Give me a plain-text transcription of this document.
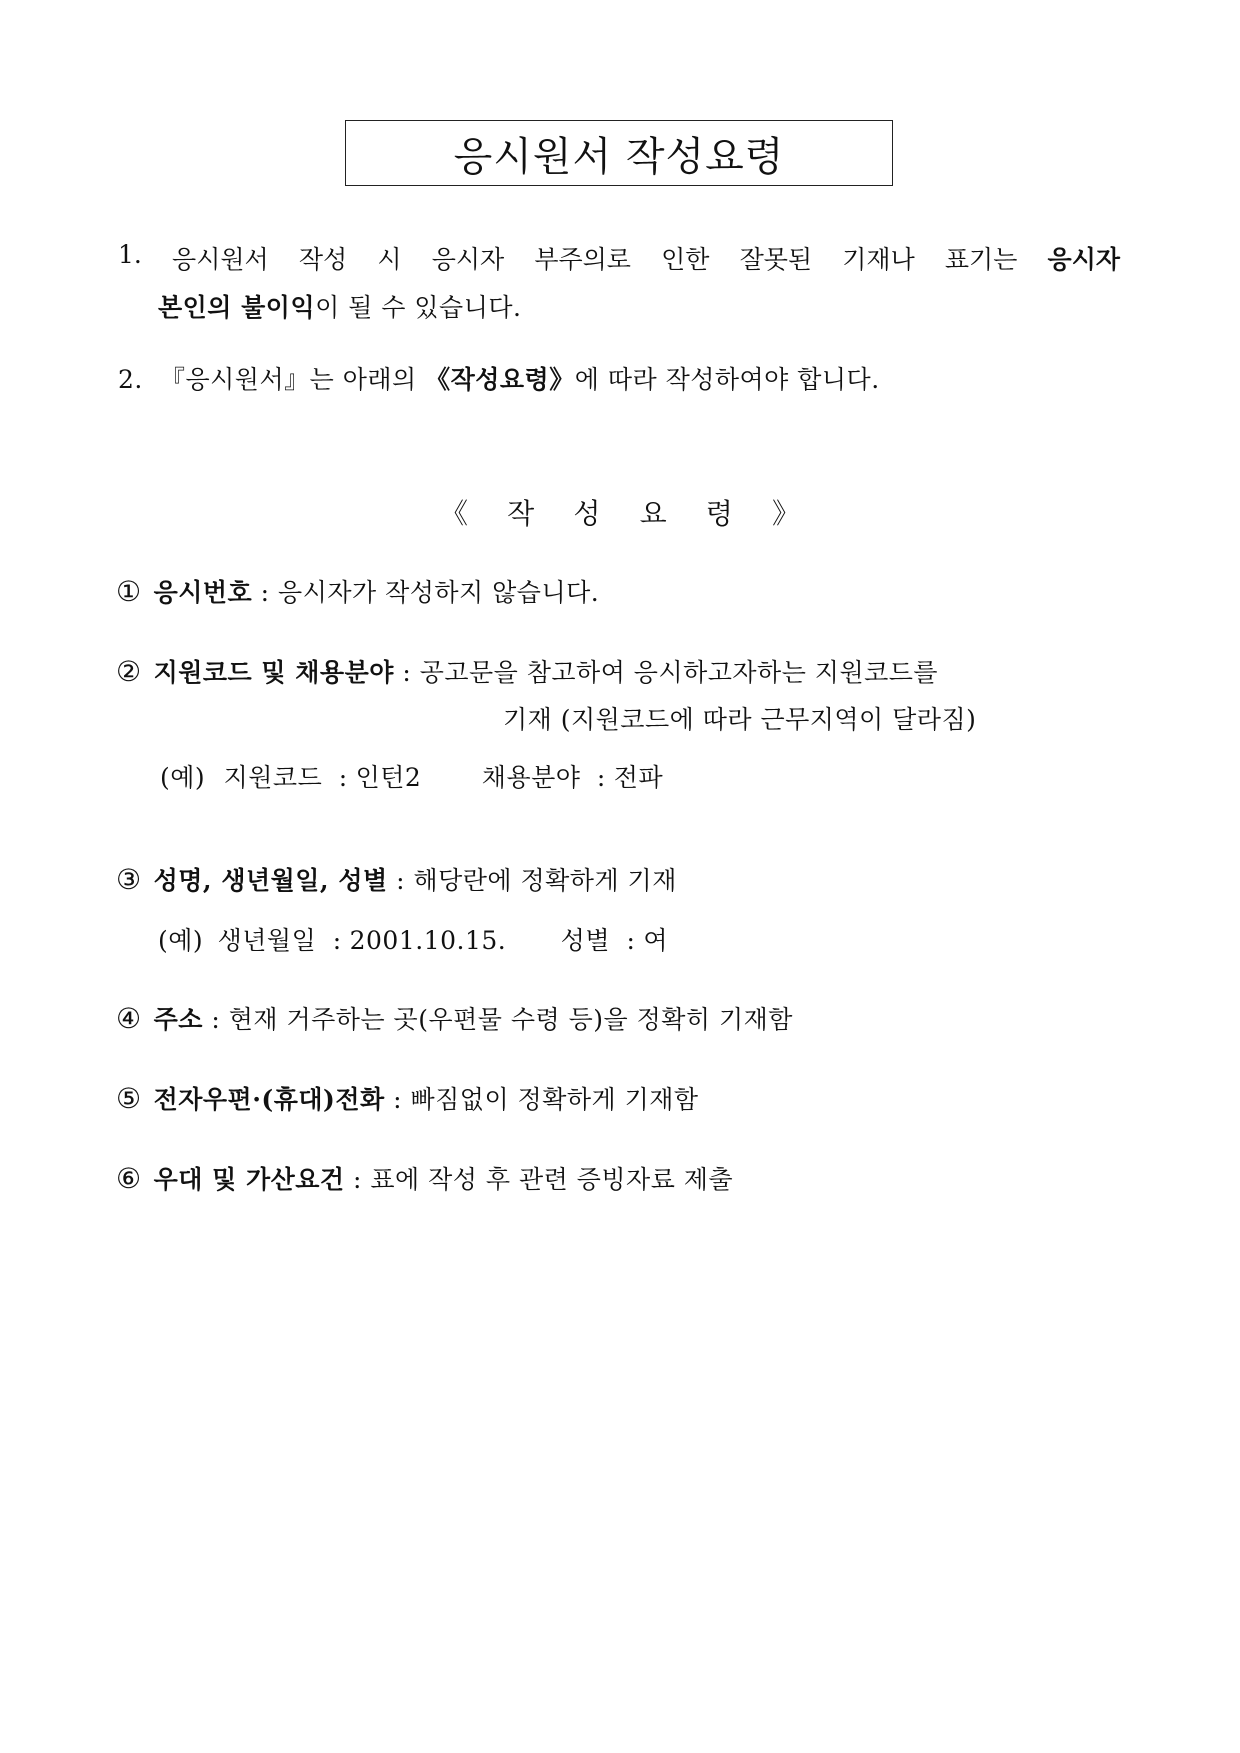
응시원서 작성요령
1. 응시원서 작성 시 응시자 부주의로 인한 잘못된 기재나 표기는 응시자
본인의 불이익이 될 수 있습니다.
2. 『응시원서』는 아래의 《작성요령》에 따라 작성하여야 합니다.
《 작 성 요 령 》
① 응시번호 : 응시자가 작성하지 않습니다.
② 지원코드 및 채용분야 : 공고문을 참고하여 응시하고자하는 지원코드를
기재 (지원코드에 따라 근무지역이 달라짐)
(예) 지원코드 : 인턴2 채용분야 : 전파
③ 성명, 생년월일, 성별 : 해당란에 정확하게 기재
(예) 생년월일 : 2001.10.15. 성별 : 여
④ 주소 : 현재 거주하는 곳(우편물 수령 등)을 정확히 기재함
⑤ 전자우편·(휴대)전화 : 빠짐없이 정확하게 기재함
⑥ 우대 및 가산요건 : 표에 작성 후 관련 증빙자료 제출
